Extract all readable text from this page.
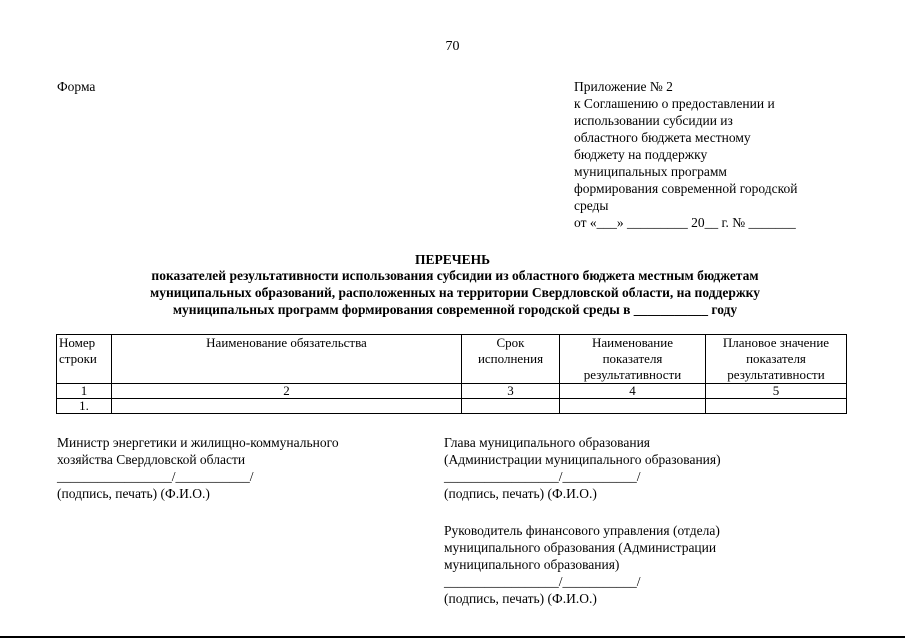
70
Форма	Приложение № 2
к Соглашению о предоставлении и
использовании субсидии из
областного бюджета местному
бюджету на поддержку
муниципальных программ
формирования современной городской
среды
от «___» _________ 20__ г. № _______
ПЕРЕЧЕНЬ
показателей результативности использования субсидии из областного бюджета местным бюджетам
муниципальных образований, расположенных на территории Свердловской области, на поддержку
муниципальных программ формирования современной городской среды в ___________ году
Номер строки	Наименование обязательства	Срок исполнения	Наименование показателя результативности	Плановое значение показателя результативности
1	2	3	4	5
1.				
Министр энергетики и жилищно-коммунального
хозяйства Свердловской области
_________________/___________/
(подпись, печать) (Ф.И.О.)
Глава муниципального образования
(Администрации муниципального образования)
_________________/___________/
(подпись, печать) (Ф.И.О.)
Руководитель финансового управления (отдела)
муниципального образования (Администрации
муниципального образования)
_________________/___________/
(подпись, печать) (Ф.И.О.)
